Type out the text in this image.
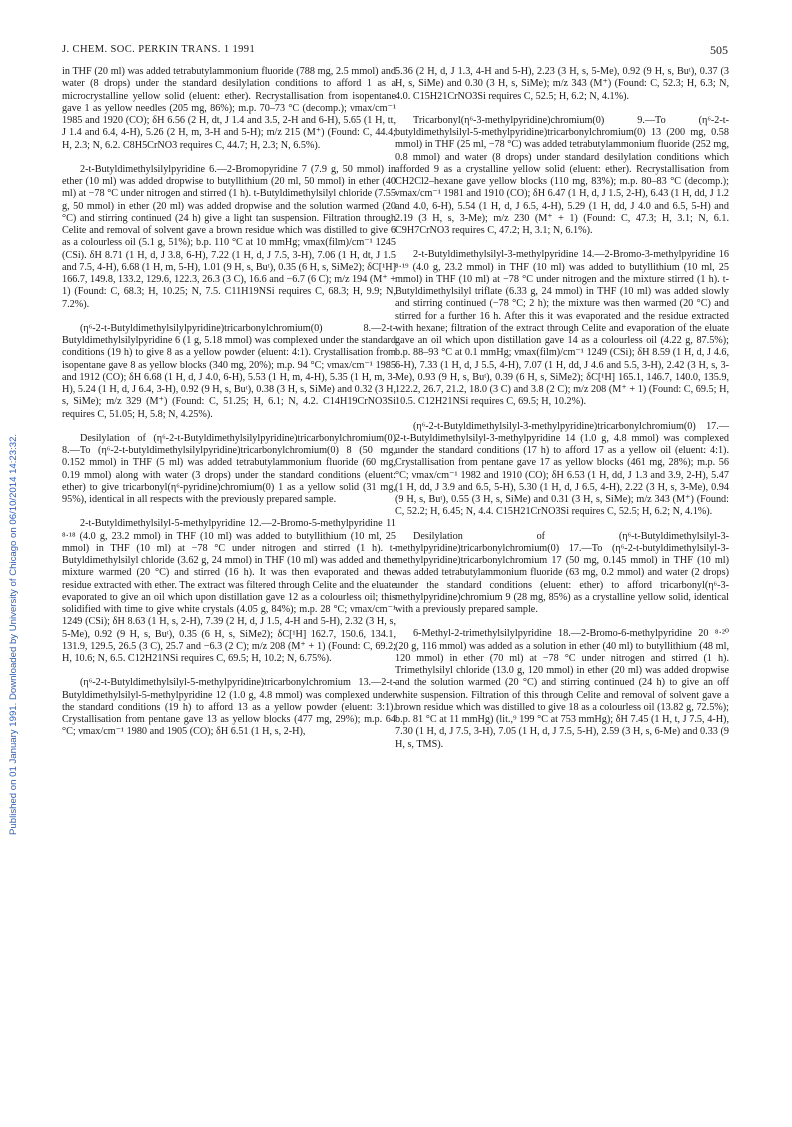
J. CHEM. SOC. PERKIN TRANS. 1 1991	505
Published on 01 January 1991. Downloaded by University of Chicago on 06/10/2014 14:23:32.

in THF (20 ml) was added tetrabutylammonium fluoride (788 mg, 2.5 mmol) and water (8 drops) under the standard desilylation conditions to afford 1 as a microcrystalline yellow solid (eluent: ether). Recrystallisation from isopentane gave 1 as yellow needles (205 mg, 86%); m.p. 70–73 °C (decomp.); νmax/cm⁻¹ 1985 and 1920 (CO); δH 6.56 (2 H, dt, J 1.4 and 3.5, 2-H and 6-H), 5.65 (1 H, tt, J 1.4 and 6.4, 4-H), 5.26 (2 H, m, 3-H and 5-H); m/z 215 (M⁺) (Found: C, 44.4; H, 2.3; N, 6.2. C8H5CrNO3 requires C, 44.7; H, 2.3; N, 6.5%).

2-t-Butyldimethylsilylpyridine 6.—2-Bromopyridine 7 (7.9 g, 50 mmol) in ether (10 ml) was added dropwise to butyllithium (20 ml, 50 mmol) in ether (40 ml) at −78 °C under nitrogen and stirred (1 h). t-Butyldimethylsilyl chloride (7.55 g, 50 mmol) in ether (20 ml) was added dropwise and the solution warmed (20 °C) and stirring continued (24 h) give a light tan suspension. Filtration through Celite and removal of solvent gave a brown residue which was distilled to give 6 as a colourless oil (5.1 g, 51%); b.p. 110 °C at 10 mmHg; νmax(film)/cm⁻¹ 1245 (CSi). δH 8.71 (1 H, d, J 3.8, 6-H), 7.22 (1 H, d, J 7.5, 3-H), 7.06 (1 H, dt, J 1.5 and 7.5, 4-H), 6.68 (1 H, m, 5-H), 1.01 (9 H, s, Buᵗ), 0.35 (6 H, s, SiMe2); δC[¹H] 166.7, 149.8, 133.2, 129.6, 122.3, 26.3 (3 C), 16.6 and −6.7 (6 C); m/z 194 (M⁺ + 1) (Found: C, 68.3; H, 10.25; N, 7.5. C11H19NSi requires C, 68.3; H, 9.9; N, 7.2%).

(η⁶-2-t-Butyldimethylsilylpyridine)tricarbonylchromium(0) 8.—2-t-Butyldimethylsilylpyridine 6 (1 g, 5.18 mmol) was complexed under the standard conditions (19 h) to give 8 as a yellow powder (eluent: 4:1). Crystallisation from isopentane gave 8 as yellow blocks (340 mg, 20%); m.p. 94 °C; νmax/cm⁻¹ 1985 and 1912 (CO); δH 6.68 (1 H, d, J 4.0, 6-H), 5.53 (1 H, m, 4-H), 5.35 (1 H, m, 3-H), 5.24 (1 H, d, J 6.4, 3-H), 0.92 (9 H, s, Buᵗ), 0.38 (3 H, s, SiMe) and 0.32 (3 H, s, SiMe); m/z 329 (M⁺) (Found: C, 51.25; H, 6.1; N, 4.2. C14H19CrNO3Si requires C, 51.05; H, 5.8; N, 4.25%).

Desilylation of (η⁶-2-t-Butyldimethylsilylpyridine)tricarbonylchromium(0) 8.—To (η⁶-2-t-butyldimethylsilylpyridine)tricarbonylchromium(0) 8 (50 mg, 0.152 mmol) in THF (5 ml) was added tetrabutylammonium fluoride (60 mg, 0.19 mmol) along with water (3 drops) under the standard conditions (eluent: ether) to give tricarbonyl(η⁶-pyridine)chromium(0) 1 as a yellow solid (31 mg, 95%), identical in all respects with the previously prepared sample.

2-t-Butyldimethylsilyl-5-methylpyridine 12.—2-Bromo-5-methylpyridine 11 ⁸·¹⁸ (4.0 g, 23.2 mmol) in THF (10 ml) was added to butyllithium (10 ml, 25 mmol) in THF (10 ml) at −78 °C under nitrogen and stirred (1 h). t-Butyldimethylsilyl chloride (3.62 g, 24 mmol) in THF (10 ml) was added and the mixture warmed (20 °C) and stirred (16 h). It was then evaporated and the residue extracted with ether. The extract was filtered through Celite and the eluate evaporated to give an oil which upon distillation gave 12 as a colourless oil; this solidified with time to give white crystals (4.05 g, 84%); m.p. 28 °C; νmax/cm⁻¹ 1249 (CSi); δH 8.63 (1 H, s, 2-H), 7.39 (2 H, d, J 1.5, 4-H and 5-H), 2.32 (3 H, s, 5-Me), 0.92 (9 H, s, Buᵗ), 0.35 (6 H, s, SiMe2); δC[¹H] 162.7, 150.6, 134.1, 131.9, 129.5, 26.5 (3 C), 25.7 and −6.3 (2 C); m/z 208 (M⁺ + 1) (Found: C, 69.2; H, 10.6; N, 6.5. C12H21NSi requires C, 69.5; H, 10.2; N, 6.75%).

(η⁶-2-t-Butyldimethylsilyl-5-methylpyridine)tricarbonylchromium 13.—2-t-Butyldimethylsilyl-5-methylpyridine 12 (1.0 g, 4.8 mmol) was complexed under the standard conditions (19 h) to afford 13 as a yellow powder (eluent: 3:1). Crystallisation from pentane gave 13 as yellow blocks (477 mg, 29%); m.p. 64 °C; νmax/cm⁻¹ 1980 and 1905 (CO); δH 6.51 (1 H, s, 2-H),

5.36 (2 H, d, J 1.3, 4-H and 5-H), 2.23 (3 H, s, 5-Me), 0.92 (9 H, s, Buᵗ), 0.37 (3 H, s, SiMe) and 0.30 (3 H, s, SiMe); m/z 343 (M⁺) (Found: C, 52.3; H, 6.3; N, 4.0. C15H21CrNO3Si requires C, 52.5; H, 6.2; N, 4.1%).

Tricarbonyl(η⁶-3-methylpyridine)chromium(0) 9.—To (η⁶-2-t-butyldimethylsilyl-5-methylpyridine)tricarbonylchromium(0) 13 (200 mg, 0.58 mmol) in THF (25 ml, −78 °C) was added tetrabutylammonium fluoride (252 mg, 0.8 mmol) and water (8 drops) under standard desilylation conditions which afforded 9 as a crystalline yellow solid (eluent: ether). Recrystallisation from CH2Cl2–hexane gave yellow blocks (110 mg, 83%); m.p. 80–83 °C (decomp.); νmax/cm⁻¹ 1981 and 1910 (CO); δH 6.47 (1 H, d, J 1.5, 2-H), 6.43 (1 H, dd, J 1.2 and 4.0, 6-H), 5.54 (1 H, d, J 6.5, 4-H), 5.29 (1 H, dd, J 4.0 and 6.5, 5-H) and 2.19 (3 H, s, 3-Me); m/z 230 (M⁺ + 1) (Found: C, 47.3; H, 3.1; N, 6.1. C9H7CrNO3 requires C, 47.2; H, 3.1; N, 6.1%).

2-t-Butyldimethylsilyl-3-methylpyridine 14.—2-Bromo-3-methylpyridine 16 ⁸·¹⁹ (4.0 g, 23.2 mmol) in THF (10 ml) was added to butyllithium (10 ml, 25 mmol) in THF (10 ml) at −78 °C under nitrogen and the mixture stirred (1 h). t-Butyldimethylsilyl triflate (6.33 g, 24 mmol) in THF (10 ml) was added slowly and stirring continued (−78 °C; 2 h); the mixture was then warmed (20 °C) and stirred for a further 16 h. After this it was evaporated and the residue extracted with hexane; filtration of the extract through Celite and evaporation of the eluate gave an oil which upon distillation gave 14 as a colourless oil (4.22 g, 87.5%); b.p. 88–93 °C at 0.1 mmHg; νmax(film)/cm⁻¹ 1249 (CSi); δH 8.59 (1 H, d, J 4.6, 6-H), 7.33 (1 H, d, J 5.5, 4-H), 7.07 (1 H, dd, J 4.6 and 5.5, 3-H), 2.42 (3 H, s, 3-Me), 0.93 (9 H, s, Buᵗ), 0.39 (6 H, s, SiMe2); δC[¹H] 165.1, 146.7, 140.0, 135.9, 122.2, 26.7, 21.2, 18.0 (3 C) and 3.8 (2 C); m/z 208 (M⁺ + 1) (Found: C, 69.5; H, 10.5. C12H21NSi requires C, 69.5; H, 10.2%).

(η⁶-2-t-Butyldimethylsilyl-3-methylpyridine)tricarbonylchromium(0) 17.—2-t-Butyldimethylsilyl-3-methylpyridine 14 (1.0 g, 4.8 mmol) was complexed under the standard conditions (17 h) to afford 17 as a yellow oil (eluent: 4:1). Crystallisation from pentane gave 17 as yellow blocks (461 mg, 28%); m.p. 56 °C; νmax/cm⁻¹ 1982 and 1910 (CO); δH 6.53 (1 H, dd, J 1.3 and 3.9, 2-H), 5.47 (1 H, dd, J 3.9 and 6.5, 5-H), 5.30 (1 H, d, J 6.5, 4-H), 2.22 (3 H, s, 3-Me), 0.94 (9 H, s, Buᵗ), 0.55 (3 H, s, SiMe) and 0.31 (3 H, s, SiMe); m/z 343 (M⁺) (Found: C, 52.2; H, 6.45; N, 4.4. C15H21CrNO3Si requires C, 52.5; H, 6.2; N, 4.1%).

Desilylation of (η⁶-t-Butyldimethylsilyl-3-methylpyridine)tricarbonylchromium(0) 17.—To (η⁶-2-t-butyldimethylsilyl-3-methylpyridine)tricarbonylchromium 17 (50 mg, 0.145 mmol) in THF (10 ml) was added tetrabutylammonium fluoride (63 mg, 0.2 mmol) and water (2 drops) under the standard conditions (eluent: ether) to afford tricarbonyl(η⁶-3-methylpyridine)chromium 9 (28 mg, 85%) as a crystalline yellow solid, identical with a previously prepared sample.

6-Methyl-2-trimethylsilylpyridine 18.—2-Bromo-6-methylpyridine 20 ⁸·²⁰ (20 g, 116 mmol) was added as a solution in ether (40 ml) to butyllithium (48 ml, 120 mmol) in ether (70 ml) at −78 °C under nitrogen and stirred (1 h). Trimethylsilyl chloride (13.0 g, 120 mmol) in ether (20 ml) was added dropwise and the solution warmed (20 °C) and stirring continued (24 h) to give an off white suspension. Filtration of this through Celite and removal of solvent gave a brown residue which was distilled to give 18 as a colourless oil (13.82 g, 72.5%); b.p. 81 °C at 11 mmHg) (lit.,⁹ 199 °C at 753 mmHg); δH 7.45 (1 H, t, J 7.5, 4-H), 7.30 (1 H, d, J 7.5, 3-H), 7.05 (1 H, d, J 7.5, 5-H), 2.59 (3 H, s, 6-Me) and 0.33 (9 H, s, TMS).
